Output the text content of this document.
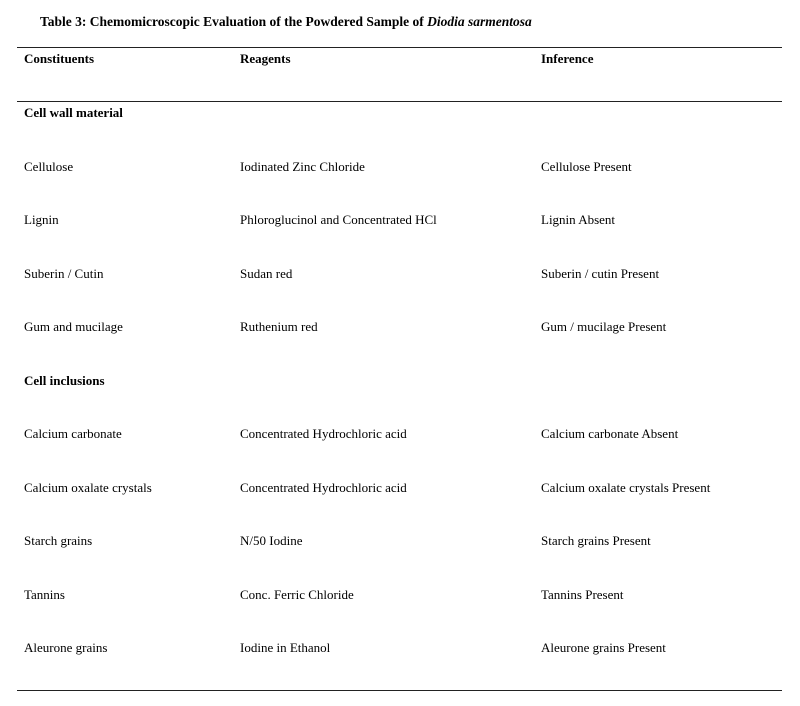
Table 3: Chemomicroscopic Evaluation of the Powdered Sample of Diodia sarmentosa
Constituents	Reagents	Inference
Cell wall material
Cellulose	Iodinated Zinc Chloride	Cellulose Present
Lignin	Phloroglucinol and Concentrated HCl	Lignin Absent
Suberin / Cutin	Sudan red	Suberin / cutin Present
Gum and mucilage	Ruthenium red	Gum / mucilage Present
Cell inclusions
Calcium carbonate	Concentrated Hydrochloric acid	Calcium carbonate Absent
Calcium oxalate crystals	Concentrated Hydrochloric acid	Calcium oxalate crystals Present
Starch grains	N/50 Iodine	Starch grains Present
Tannins	Conc. Ferric Chloride	Tannins Present
Aleurone grains	Iodine in Ethanol	Aleurone grains Present
